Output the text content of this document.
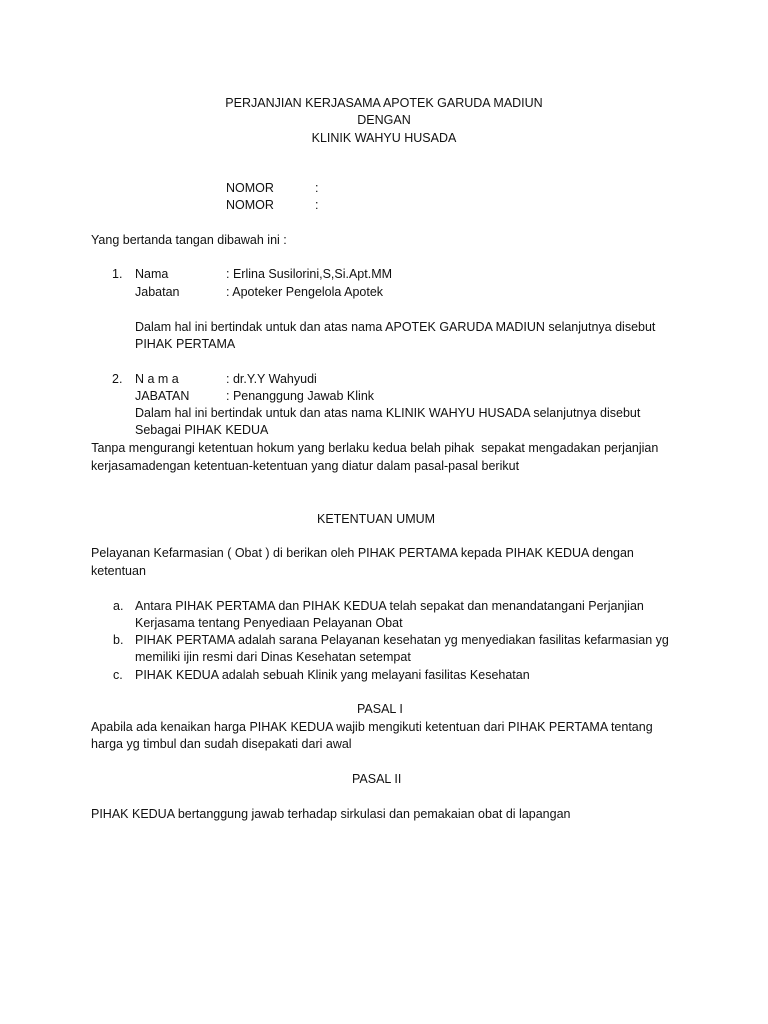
PERJANJIAN KERJASAMA APOTEK GARUDA MADIUN
DENGAN
KLINIK WAHYU HUSADA
NOMOR	:
NOMOR	:
Yang bertanda tangan dibawah ini :
1. Nama	: Erlina Susilorini,S,Si.Apt.MM
Jabatan	: Apoteker Pengelola Apotek
Dalam hal ini bertindak untuk dan atas nama APOTEK GARUDA MADIUN selanjutnya disebut
PIHAK PERTAMA
2. N a m a	: dr.Y.Y Wahyudi
JABATAN	: Penanggung Jawab Klink
Dalam hal ini bertindak untuk dan atas nama KLINIK WAHYU HUSADA selanjutnya disebut
Sebagai PIHAK KEDUA
Tanpa mengurangi ketentuan hokum yang berlaku kedua belah pihak  sepakat mengadakan perjanjian
kerjasamadengan ketentuan-ketentuan yang diatur dalam pasal-pasal berikut
KETENTUAN UMUM
Pelayanan Kefarmasian ( Obat ) di berikan oleh PIHAK PERTAMA kepada PIHAK KEDUA dengan
ketentuan
a. Antara PIHAK PERTAMA dan PIHAK KEDUA telah sepakat dan menandatangani Perjanjian
Kerjasama tentang Penyediaan Pelayanan Obat
b. PIHAK PERTAMA adalah sarana Pelayanan kesehatan yg menyediakan fasilitas kefarmasian yg
memiliki ijin resmi dari Dinas Kesehatan setempat
c. PIHAK KEDUA adalah sebuah Klinik yang melayani fasilitas Kesehatan
PASAL I
Apabila ada kenaikan harga PIHAK KEDUA wajib mengikuti ketentuan dari PIHAK PERTAMA tentang
harga yg timbul dan sudah disepakati dari awal
PASAL II
PIHAK KEDUA bertanggung jawab terhadap sirkulasi dan pemakaian obat di lapangan
